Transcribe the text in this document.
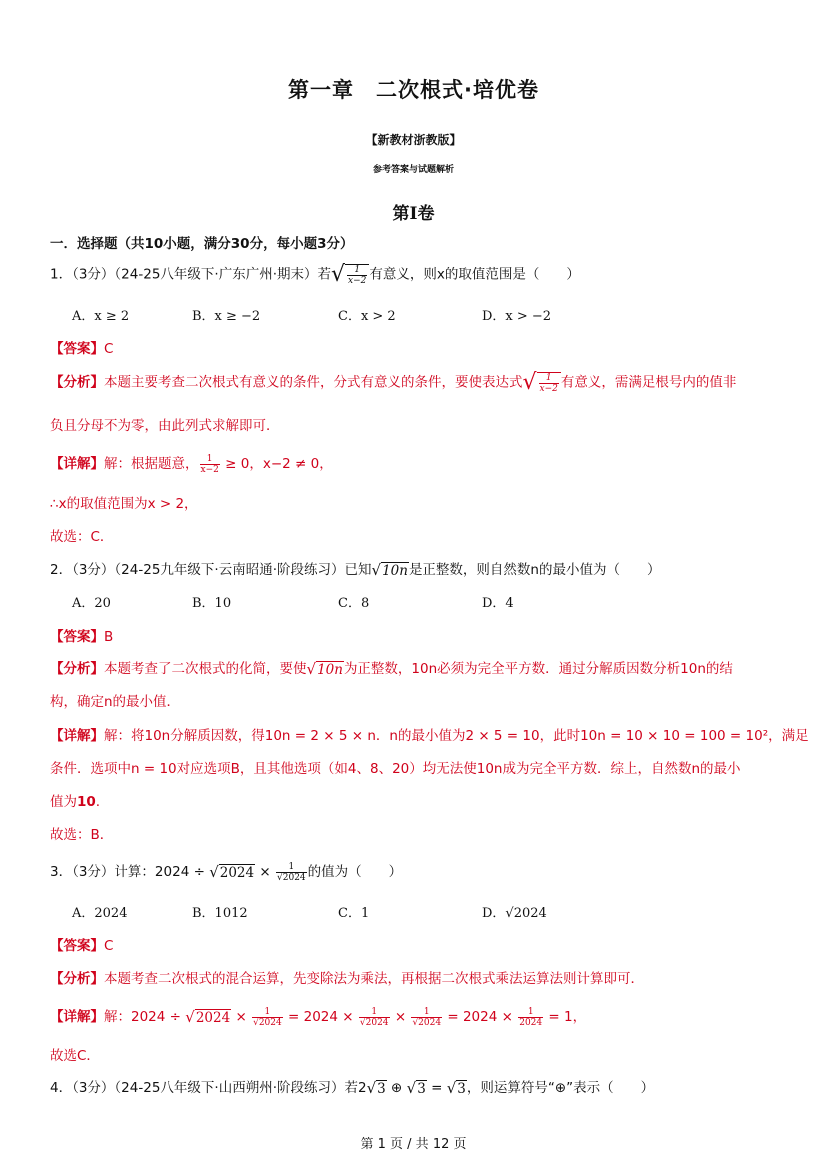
第一章 二次根式·培优卷
【新教材浙教版】
参考答案与试题解析
第Ⅰ卷
一．选择题（共10小题，满分30分，每小题3分）
1．（3分）（24-25八年级下·广东广州·期末）若√ $\frac{1}{x-2}$ 有意义，则x的取值范围是（　　）
A．x ≥ 2	B．x ≥ −2	C．x > 2	D．x > −2
【答案】C
【分析】本题主要考查二次根式有意义的条件，分式有意义的条件，要使表达式√ $\frac{1}{x-2}$ 有意义，需满足根号内的值非
负且分母不为零，由此列式求解即可．
【详解】解：根据题意， $\frac{1}{x-2} \ge 0$，x−2 ≠ 0，
∴x的取值范围为x > 2，
故选：C．
2．（3分）（24-25九年级下·云南昭通·阶段练习）已知√10n是正整数，则自然数n的最小值为（　　）
A．20	B．10	C．8	D．4
【答案】B
【分析】本题考查了二次根式的化简，要使√10n为正整数，10n必须为完全平方数．通过分解质因数分析10n的结
构，确定n的最小值．
【详解】解：将10n分解质因数，得10n = 2 × 5 × n．n的最小值为2 × 5 = 10，此时10n = 10 × 10 = 100 = 10²，满足
条件．选项中n = 10对应选项B，且其他选项（如4、8、20）均无法使10n成为完全平方数．综上，自然数n的最小
值为10.
故选：B．
3．（3分）计算：$2024 \div √2024 \times \frac{1}{√2024}$ 的值为（　　）
A．2024	B．1012	C．1	D．√2024
【答案】C
【分析】本题考查二次根式的混合运算，先变除法为乘法，再根据二次根式乘法运算法则计算即可．
【详解】解：$2024 \div √2024 \times \frac{1}{√2024} = 2024 \times \frac{1}{√2024} \times \frac{1}{√2024} = 2024 \times \frac{1}{2024} = 1$，
故选C．
4．（3分）（24-25八年级下·山西朔州·阶段练习）若2√3 ⊕ √3 = √3，则运算符号“⊕”表示（　　）
第 1 页 / 共 12 页
